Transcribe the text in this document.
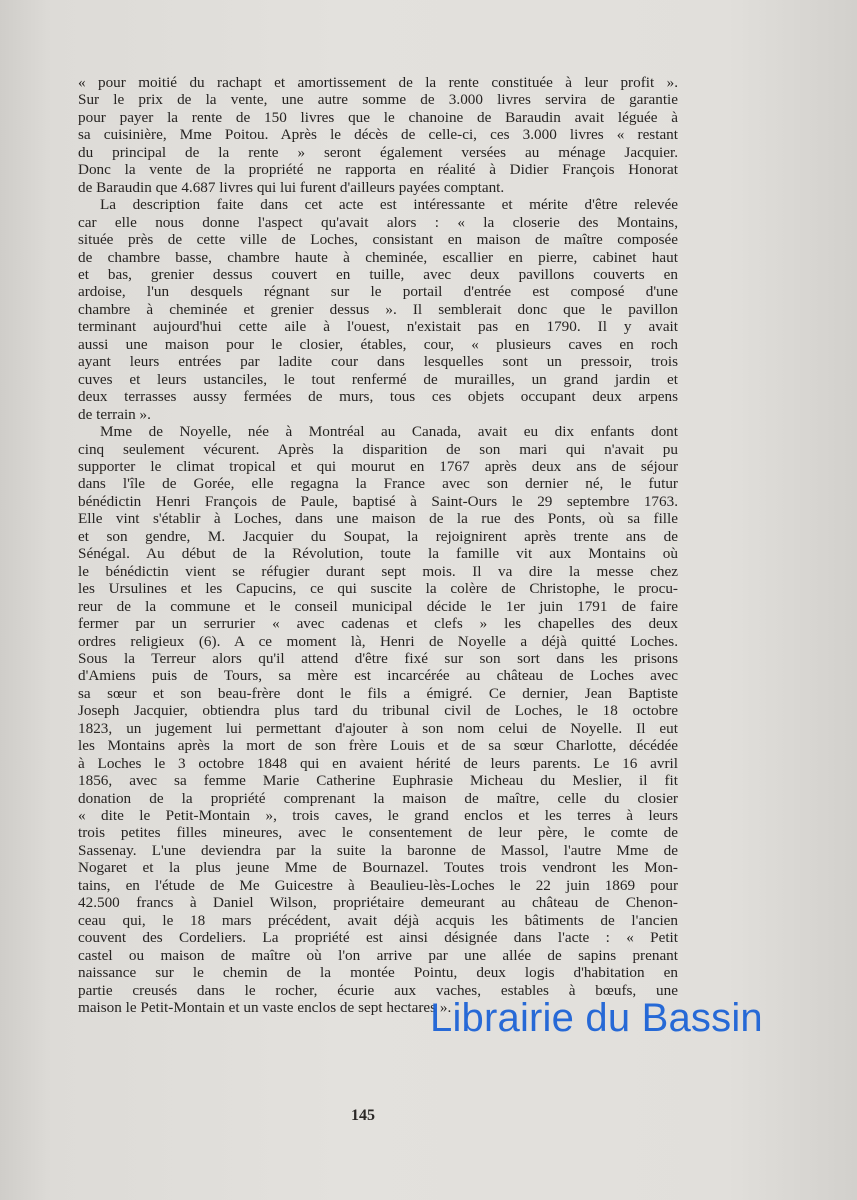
« pour moitié du rachapt et amortissement de la rente constituée à leur profit ».
Sur le prix de la vente, une autre somme de 3.000 livres servira de garantie
pour payer la rente de 150 livres que le chanoine de Baraudin avait léguée à
sa cuisinière, Mme Poitou. Après le décès de celle-ci, ces 3.000 livres « restant
du principal de la rente » seront également versées au ménage Jacquier.
Donc la vente de la propriété ne rapporta en réalité à Didier François Honorat
de Baraudin que 4.687 livres qui lui furent d'ailleurs payées comptant.

La description faite dans cet acte est intéressante et mérite d'être relevée
car elle nous donne l'aspect qu'avait alors : « la closerie des Montains,
située près de cette ville de Loches, consistant en maison de maître composée
de chambre basse, chambre haute à cheminée, escallier en pierre, cabinet haut
et bas, grenier dessus couvert en tuille, avec deux pavillons couverts en
ardoise, l'un desquels régnant sur le portail d'entrée est composé d'une
chambre à cheminée et grenier dessus ». Il semblerait donc que le pavillon
terminant aujourd'hui cette aile à l'ouest, n'existait pas en 1790. Il y avait
aussi une maison pour le closier, étables, cour, « plusieurs caves en roch
ayant leurs entrées par ladite cour dans lesquelles sont un pressoir, trois
cuves et leurs ustanciles, le tout renfermé de murailles, un grand jardin et
deux terrasses aussy fermées de murs, tous ces objets occupant deux arpens
de terrain ».

Mme de Noyelle, née à Montréal au Canada, avait eu dix enfants dont
cinq seulement vécurent. Après la disparition de son mari qui n'avait pu
supporter le climat tropical et qui mourut en 1767 après deux ans de séjour
dans l'île de Gorée, elle regagna la France avec son dernier né, le futur
bénédictin Henri François de Paule, baptisé à Saint-Ours le 29 septembre 1763.
Elle vint s'établir à Loches, dans une maison de la rue des Ponts, où sa fille
et son gendre, M. Jacquier du Soupat, la rejoignirent après trente ans de
Sénégal. Au début de la Révolution, toute la famille vit aux Montains où
le bénédictin vient se réfugier durant sept mois. Il va dire la messe chez
les Ursulines et les Capucins, ce qui suscite la colère de Christophe, le procu-
reur de la commune et le conseil municipal décide le 1er juin 1791 de faire
fermer par un serrurier « avec cadenas et clefs » les chapelles des deux
ordres religieux (6). A ce moment là, Henri de Noyelle a déjà quitté Loches.
Sous la Terreur alors qu'il attend d'être fixé sur son sort dans les prisons
d'Amiens puis de Tours, sa mère est incarcérée au château de Loches avec
sa sœur et son beau-frère dont le fils a émigré. Ce dernier, Jean Baptiste
Joseph Jacquier, obtiendra plus tard du tribunal civil de Loches, le 18 octobre
1823, un jugement lui permettant d'ajouter à son nom celui de Noyelle. Il eut
les Montains après la mort de son frère Louis et de sa sœur Charlotte, décédée
à Loches le 3 octobre 1848 qui en avaient hérité de leurs parents. Le 16 avril
1856, avec sa femme Marie Catherine Euphrasie Micheau du Meslier, il fit
donation de la propriété comprenant la maison de maître, celle du closier
« dite le Petit-Montain », trois caves, le grand enclos et les terres à leurs
trois petites filles mineures, avec le consentement de leur père, le comte de
Sassenay. L'une deviendra par la suite la baronne de Massol, l'autre Mme de
Nogaret et la plus jeune Mme de Bournazel. Toutes trois vendront les Mon-
tains, en l'étude de Me Guicestre à Beaulieu-lès-Loches le 22 juin 1869 pour
42.500 francs à Daniel Wilson, propriétaire demeurant au château de Chenon-
ceau qui, le 18 mars précédent, avait déjà acquis les bâtiments de l'ancien
couvent des Cordeliers. La propriété est ainsi désignée dans l'acte : « Petit
castel ou maison de maître où l'on arrive par une allée de sapins prenant
naissance sur le chemin de la montée Pointu, deux logis d'habitation en
partie creusés dans le rocher, écurie aux vaches, estables à bœufs, une
maison le Petit-Montain et un vaste enclos de sept hectares ».

145
Librairie du Bassin
